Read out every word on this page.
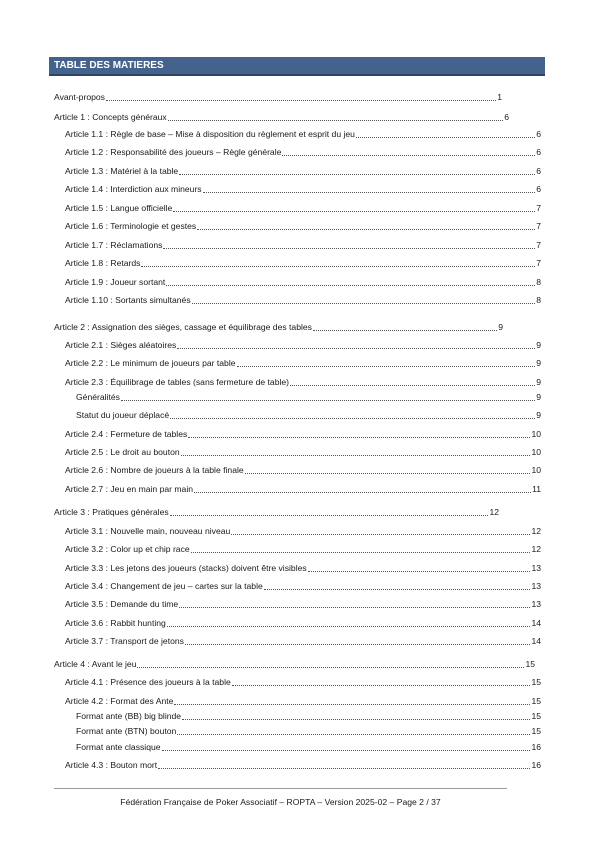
TABLE DES MATIERES
Avant-propos	1
Article 1 : Concepts généraux	6
Article 1.1 : Règle de base – Mise à disposition du règlement et esprit du jeu	6
Article 1.2 : Responsabilité des joueurs – Règle générale	6
Article 1.3 : Matériel à la table	6
Article 1.4 : Interdiction aux mineurs	6
Article 1.5 : Langue officielle	7
Article 1.6 : Terminologie et gestes	7
Article 1.7 : Réclamations	7
Article 1.8 : Retards	7
Article 1.9 : Joueur sortant	8
Article 1.10 : Sortants simultanés	8
Article 2 : Assignation des sièges, cassage et équilibrage des tables	9
Article 2.1 : Sièges aléatoires	9
Article 2.2 : Le minimum de joueurs par table	9
Article 2.3 : Équilibrage de tables (sans fermeture de table)	9
Généralités	9
Statut du joueur déplacé	9
Article 2.4 : Fermeture de tables	10
Article 2.5 : Le droit au bouton	10
Article 2.6 : Nombre de joueurs à la table finale	10
Article 2.7 : Jeu en main par main	11
Article 3 : Pratiques générales	12
Article 3.1 : Nouvelle main, nouveau niveau	12
Article 3.2 : Color up et chip race	12
Article 3.3 : Les jetons des joueurs (stacks) doivent être visibles	13
Article 3.4 : Changement de jeu – cartes sur la table	13
Article 3.5 : Demande du time	13
Article 3.6 : Rabbit hunting	14
Article 3.7 : Transport de jetons	14
Article 4 : Avant le jeu	15
Article 4.1 : Présence des joueurs à la table	15
Article 4.2 : Format des Ante	15
Format ante (BB) big blinde	15
Format ante (BTN) bouton	15
Format ante classique	16
Article 4.3 : Bouton mort	16
Fédération Française de Poker Associatif – ROPTA – Version 2025-02 – Page 2 / 37
